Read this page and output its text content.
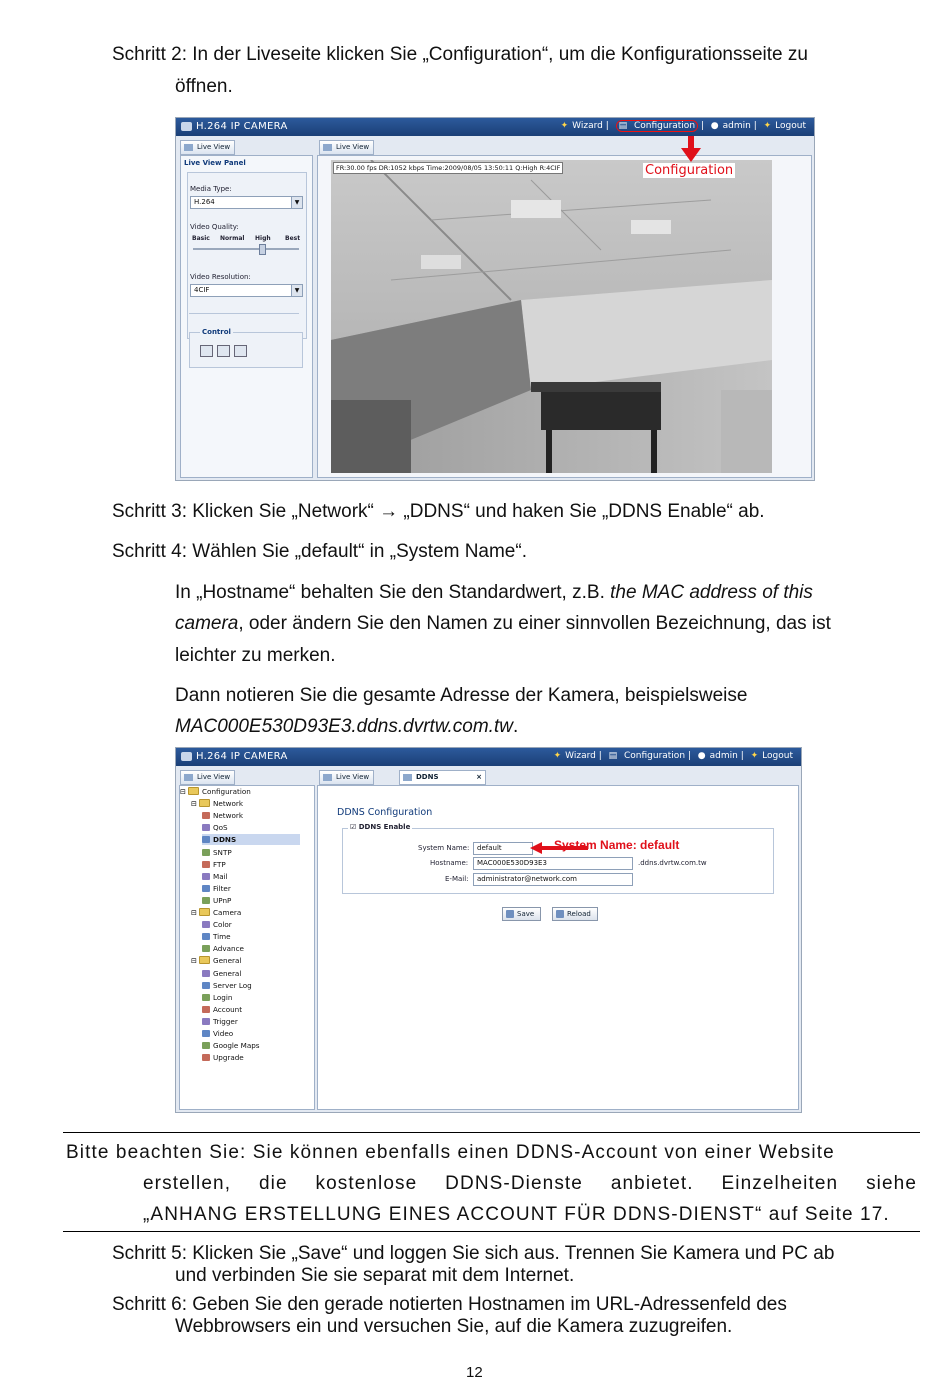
Schritt 2: In der Liveseite klicken Sie „Configuration“, um die Konfigurationsseite zu

öffnen.

H.264 IP CAMERA	✦ Wizard | ▤ Configuration | ● admin | ✦ Logout
Live View
Live View Panel
Media Type:
H.264	▼
Video Quality:
Basic Normal High Best
Video Resolution:
4CIF	▼
Control
Live View
FR:30.00 fps DR:1052 kbps Time:2009/08/05 13:50:11 Q:High R:4CIF	Configuration

Schritt 3: Klicken Sie „Network“ → „DDNS“ und haken Sie „DDNS Enable“ ab.

Schritt 4: Wählen Sie „default“ in „System Name“.

In „Hostname“ behalten Sie den Standardwert, z.B. the MAC address of this

camera, oder ändern Sie den Namen zu einer sinnvollen Bezeichnung, das ist

leichter zu merken.

Dann notieren Sie die gesamte Adresse der Kamera, beispielsweise

MAC000E530D93E3.ddns.dvrtw.com.tw.

H.264 IP CAMERA	✦ Wizard | ▤ Configuration | ● admin | ✦ Logout
Live View
⊟ Configuration
⊟ Network
Network
QoS
DDNS
SNTP
FTP
Mail
Filter
UPnP
⊟ Camera
Color
Time
Advance
⊟ General
General
Server Log
Login
Account
Trigger
Video
Google Maps
Upgrade
Live View	DDNS	×
DDNS Configuration
☑ DDNS Enable
System Name:	default
Hostname:	MAC000E530D93E3	.ddns.dvrtw.com.tw
E-Mail:	administrator@network.com
Save	Reload
System Name: default

Bitte beachten Sie: Sie können ebenfalls einen DDNS-Account von einer Website

erstellen, die kostenlose DDNS-Dienste anbietet. Einzelheiten siehe

„ANHANG ERSTELLUNG EINES ACCOUNT FÜR DDNS-DIENST“ auf Seite 17.

Schritt 5: Klicken Sie „Save“ und loggen Sie sich aus. Trennen Sie Kamera und PC ab

und verbinden Sie sie separat mit dem Internet.

Schritt 6: Geben Sie den gerade notierten Hostnamen im URL-Adressenfeld des

Webbrowsers ein und versuchen Sie, auf die Kamera zuzugreifen.

12
